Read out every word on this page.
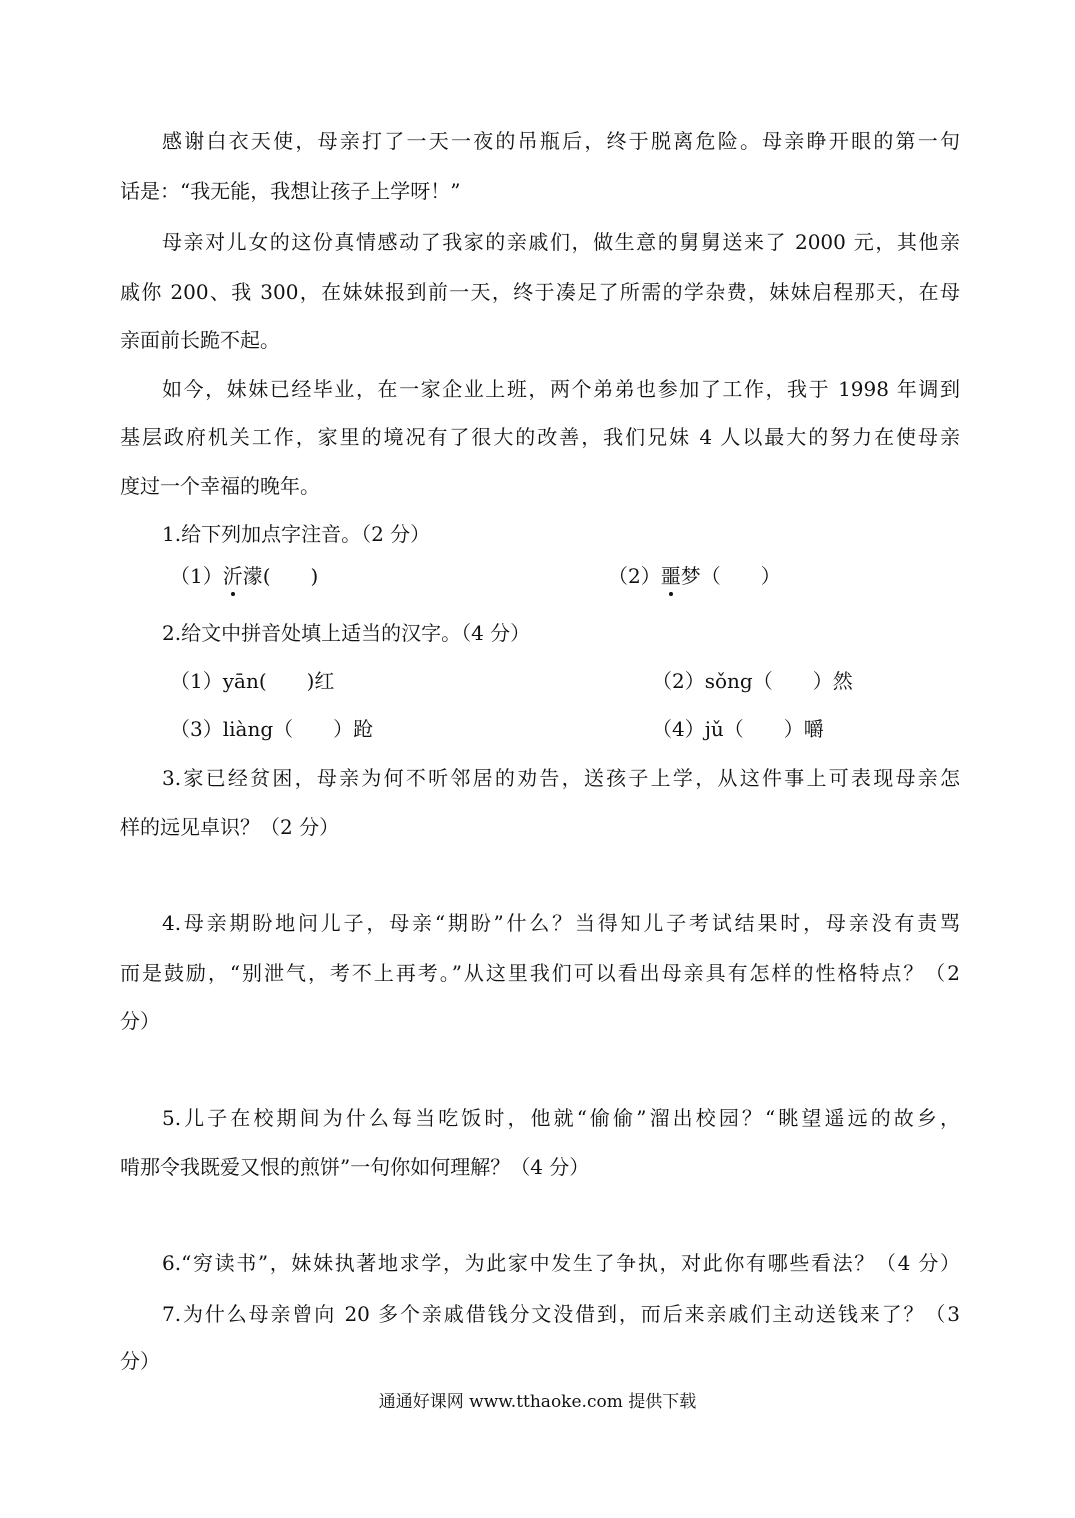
感谢白衣天使，母亲打了一天一夜的吊瓶后，终于脱离危险。母亲睁开眼的第一句
话是：“我无能，我想让孩子上学呀！”
母亲对儿女的这份真情感动了我家的亲戚们，做生意的舅舅送来了 2000 元，其他亲
戚你 200、我 300，在妹妹报到前一天，终于凑足了所需的学杂费，妹妹启程那天，在母
亲面前长跪不起。
如今，妹妹已经毕业，在一家企业上班，两个弟弟也参加了工作，我于 1998 年调到
基层政府机关工作，家里的境况有了很大的改善，我们兄妹 4 人以最大的努力在使母亲
度过一个幸福的晚年。
1.给下列加点字注音。（2 分）
（1）沂濛(　　)	（2）噩梦（　　）
2.给文中拼音处填上适当的汉字。（4 分）
（1）yān(　　)红	（2）sǒng（　　）然
（3）liàng（　　）跄	（4）jǔ（　　）嚼
3.家已经贫困，母亲为何不听邻居的劝告，送孩子上学，从这件事上可表现母亲怎
样的远见卓识？（2 分）
4.母亲期盼地问儿子，母亲“期盼”什么？当得知儿子考试结果时，母亲没有责骂
而是鼓励，“别泄气，考不上再考。”从这里我们可以看出母亲具有怎样的性格特点？（2
分）
5.儿子在校期间为什么每当吃饭时，他就“偷偷”溜出校园？“眺望遥远的故乡，
啃那令我既爱又恨的煎饼”一句你如何理解？（4 分）
6.“穷读书”，妹妹执著地求学，为此家中发生了争执，对此你有哪些看法？（4 分）
7.为什么母亲曾向 20 多个亲戚借钱分文没借到，而后来亲戚们主动送钱来了？（3
分）
通通好课网 www.tthaoke.com 提供下载
